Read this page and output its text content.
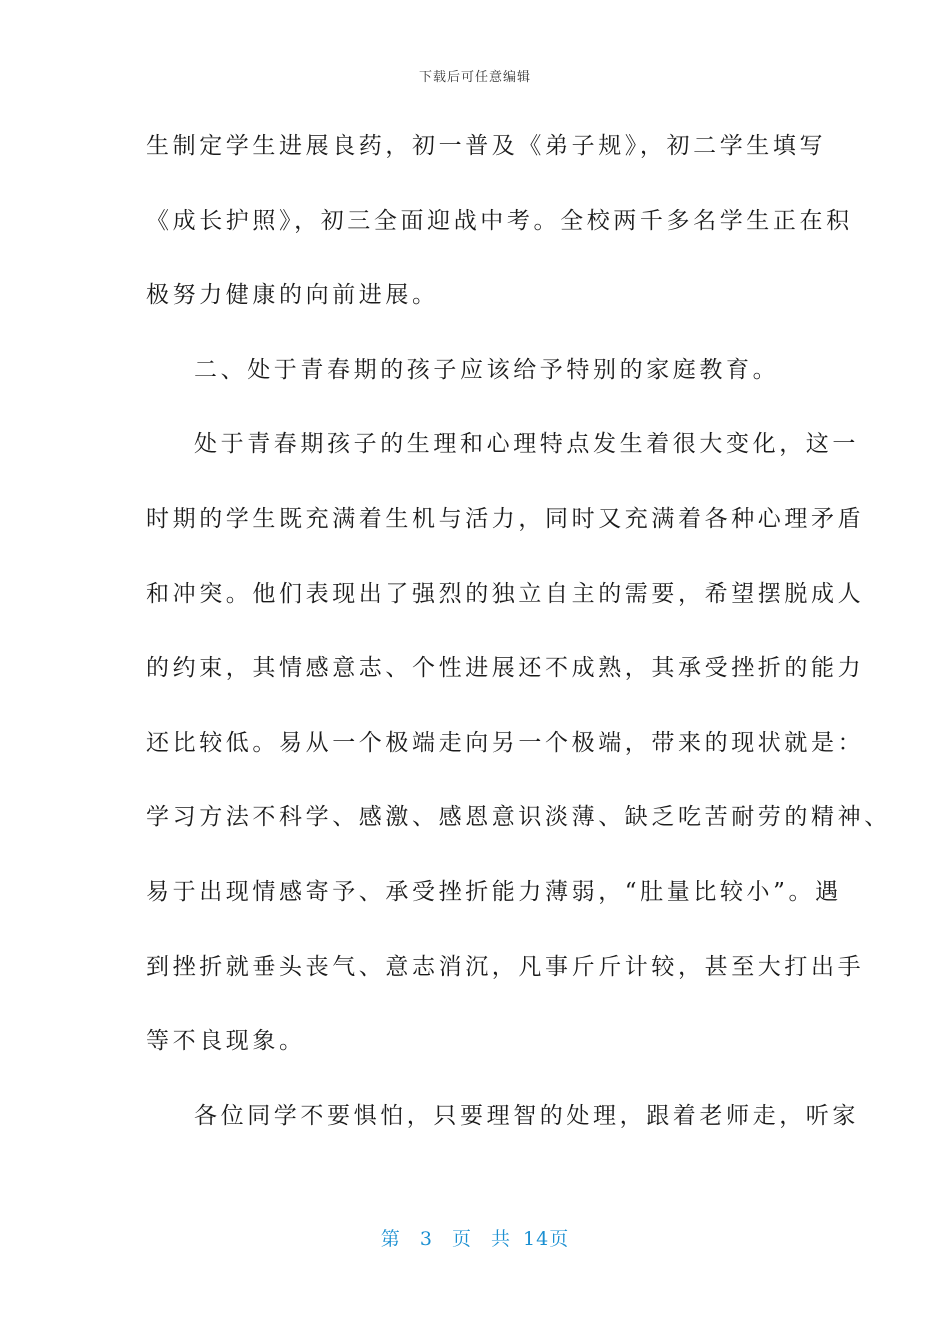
下载后可任意编辑
生制定学生进展良药，初一普及《弟子规》，初二学生填写
《成长护照》，初三全面迎战中考。全校两千多名学生正在积
极努力健康的向前进展。
二、处于青春期的孩子应该给予特别的家庭教育。
处于青春期孩子的生理和心理特点发生着很大变化，这一
时期的学生既充满着生机与活力，同时又充满着各种心理矛盾
和冲突。他们表现出了强烈的独立自主的需要，希望摆脱成人
的约束，其情感意志、个性进展还不成熟，其承受挫折的能力
还比较低。易从一个极端走向另一个极端，带来的现状就是：
学习方法不科学、感激、感恩意识淡薄、缺乏吃苦耐劳的精神、
易于出现情感寄予、承受挫折能力薄弱，“肚量比较小”。遇
到挫折就垂头丧气、意志消沉，凡事斤斤计较，甚至大打出手
等不良现象。
各位同学不要惧怕，只要理智的处理，跟着老师走，听家
第 3 页 共 14页
